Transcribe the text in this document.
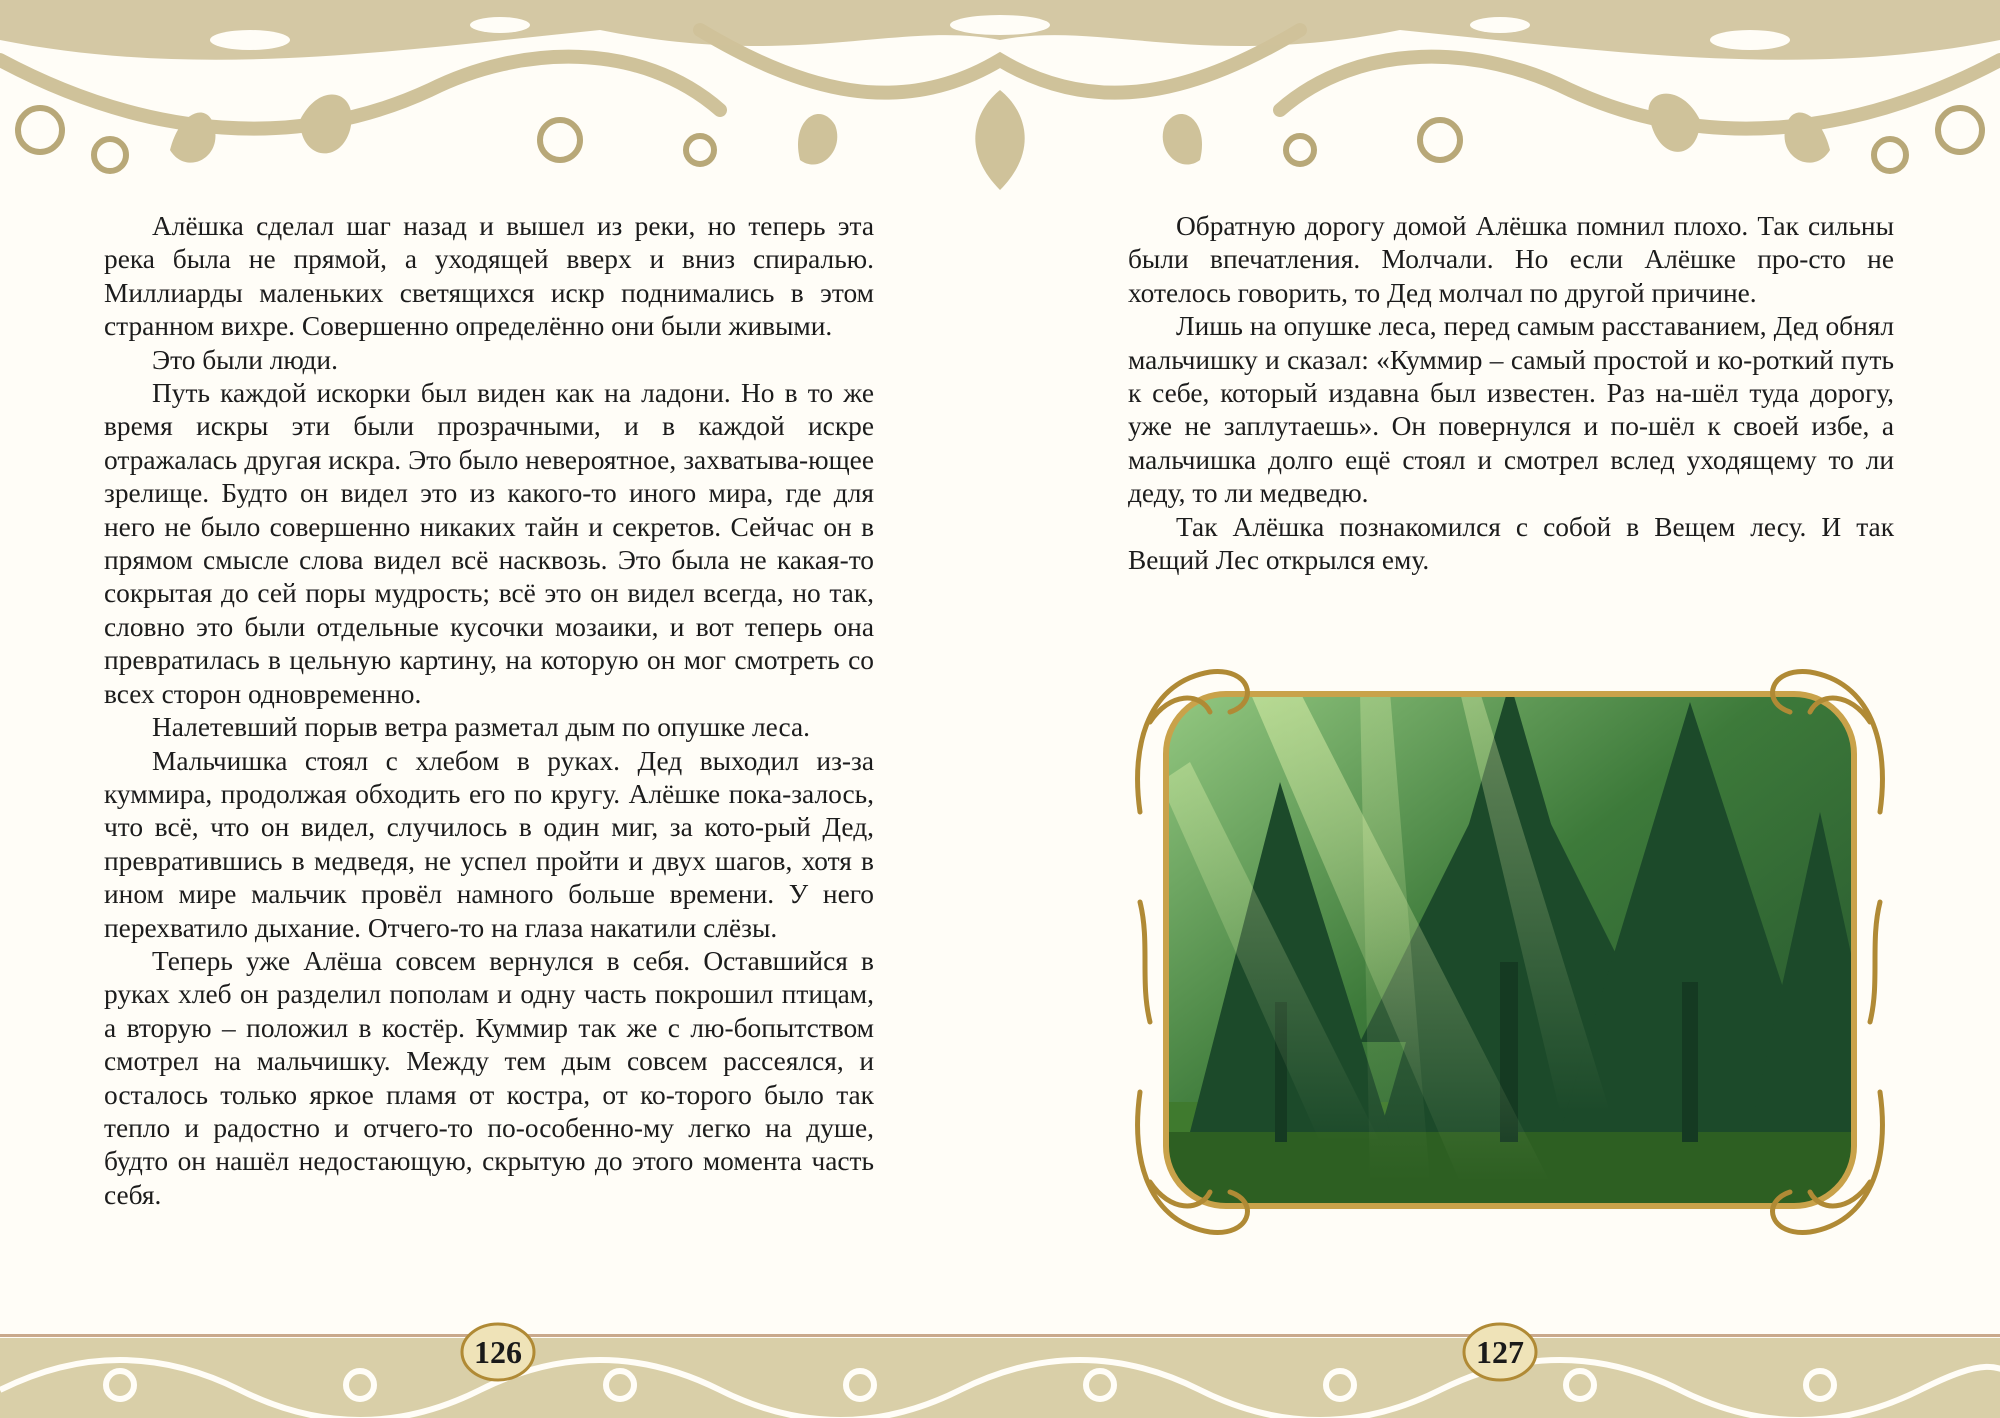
Алёшка сделал шаг назад и вышел из реки, но теперь эта река была не прямой, а уходящей вверх и вниз спиралью. Миллиарды маленьких светящихся искр поднимались в этом странном вихре. Совершенно определённо они были живыми.

Это были люди.

Путь каждой искорки был виден как на ладони. Но в то же время искры эти были прозрачными, и в каждой искре отражалась другая искра. Это было невероятное, захватыва-ющее зрелище. Будто он видел это из какого-то иного мира, где для него не было совершенно никаких тайн и секретов. Сейчас он в прямом смысле слова видел всё насквозь. Это была не какая-то сокрытая до сей поры мудрость; всё это он видел всегда, но так, словно это были отдельные кусочки мозаики, и вот теперь она превратилась в цельную картину, на которую он мог смотреть со всех сторон одновременно.

Налетевший порыв ветра разметал дым по опушке леса.

Мальчишка стоял с хлебом в руках. Дед выходил из-за куммира, продолжая обходить его по кругу. Алёшке пока-залось, что всё, что он видел, случилось в один миг, за кото-рый Дед, превратившись в медведя, не успел пройти и двух шагов, хотя в ином мире мальчик провёл намного больше времени. У него перехватило дыхание. Отчего-то на глаза накатили слёзы.

Теперь уже Алёша совсем вернулся в себя. Оставшийся в руках хлеб он разделил пополам и одну часть покрошил птицам, а вторую – положил в костёр. Куммир так же с лю-бопытством смотрел на мальчишку. Между тем дым совсем рассеялся, и осталось только яркое пламя от костра, от ко-торого было так тепло и радостно и отчего-то по-особенно-му легко на душе, будто он нашёл недостающую, скрытую до этого момента часть себя.

Обратную дорогу домой Алёшка помнил плохо. Так сильны были впечатления. Молчали. Но если Алёшке про-сто не хотелось говорить, то Дед молчал по другой причине.

Лишь на опушке леса, перед самым расставанием, Дед обнял мальчишку и сказал: «Куммир – самый простой и ко-роткий путь к себе, который издавна был известен. Раз на-шёл туда дорогу, уже не заплутаешь». Он повернулся и по-шёл к своей избе, а мальчишка долго ещё стоял и смотрел вслед уходящему то ли деду, то ли медведю.

Так Алёшка познакомился с собой в Вещем лесу. И так Вещий Лес открылся ему.

126	127
